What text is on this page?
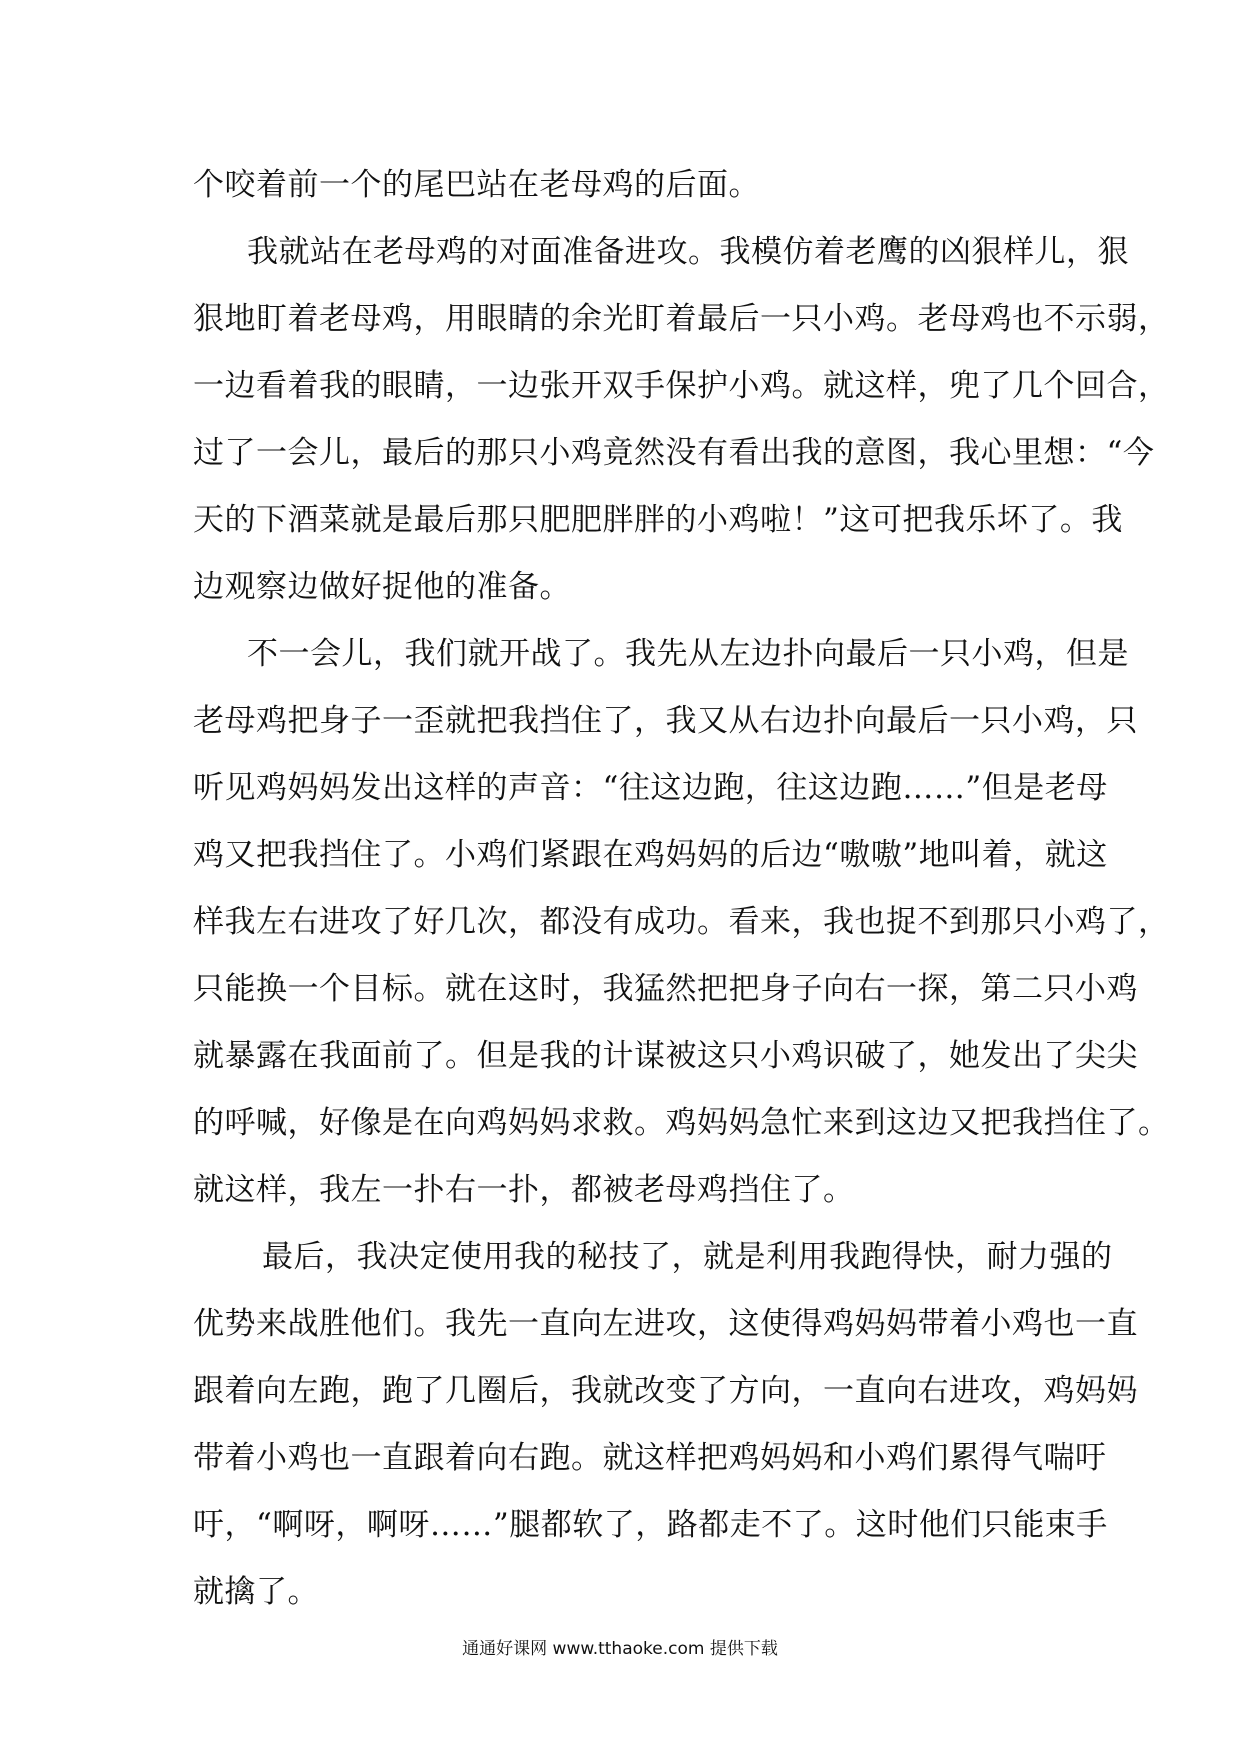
个咬着前一个的尾巴站在老母鸡的后面。
我就站在老母鸡的对面准备进攻。我模仿着老鹰的凶狠样儿，狠
狠地盯着老母鸡，用眼睛的余光盯着最后一只小鸡。老母鸡也不示弱，
一边看着我的眼睛，一边张开双手保护小鸡。就这样，兜了几个回合，
过了一会儿，最后的那只小鸡竟然没有看出我的意图，我心里想：“今
天的下酒菜就是最后那只肥肥胖胖的小鸡啦！”这可把我乐坏了。我
边观察边做好捉他的准备。
不一会儿，我们就开战了。我先从左边扑向最后一只小鸡，但是
老母鸡把身子一歪就把我挡住了，我又从右边扑向最后一只小鸡，只
听见鸡妈妈发出这样的声音：“往这边跑，往这边跑……”但是老母
鸡又把我挡住了。小鸡们紧跟在鸡妈妈的后边“嗷嗷”地叫着，就这
样我左右进攻了好几次，都没有成功。看来，我也捉不到那只小鸡了，
只能换一个目标。就在这时，我猛然把把身子向右一探，第二只小鸡
就暴露在我面前了。但是我的计谋被这只小鸡识破了，她发出了尖尖
的呼喊，好像是在向鸡妈妈求救。鸡妈妈急忙来到这边又把我挡住了。
就这样，我左一扑右一扑，都被老母鸡挡住了。
最后，我决定使用我的秘技了，就是利用我跑得快，耐力强的
优势来战胜他们。我先一直向左进攻，这使得鸡妈妈带着小鸡也一直
跟着向左跑，跑了几圈后，我就改变了方向，一直向右进攻，鸡妈妈
带着小鸡也一直跟着向右跑。就这样把鸡妈妈和小鸡们累得气喘吁
吁，“啊呀，啊呀……”腿都软了，路都走不了。这时他们只能束手
就擒了。
通通好课网 www.tthaoke.com 提供下载
